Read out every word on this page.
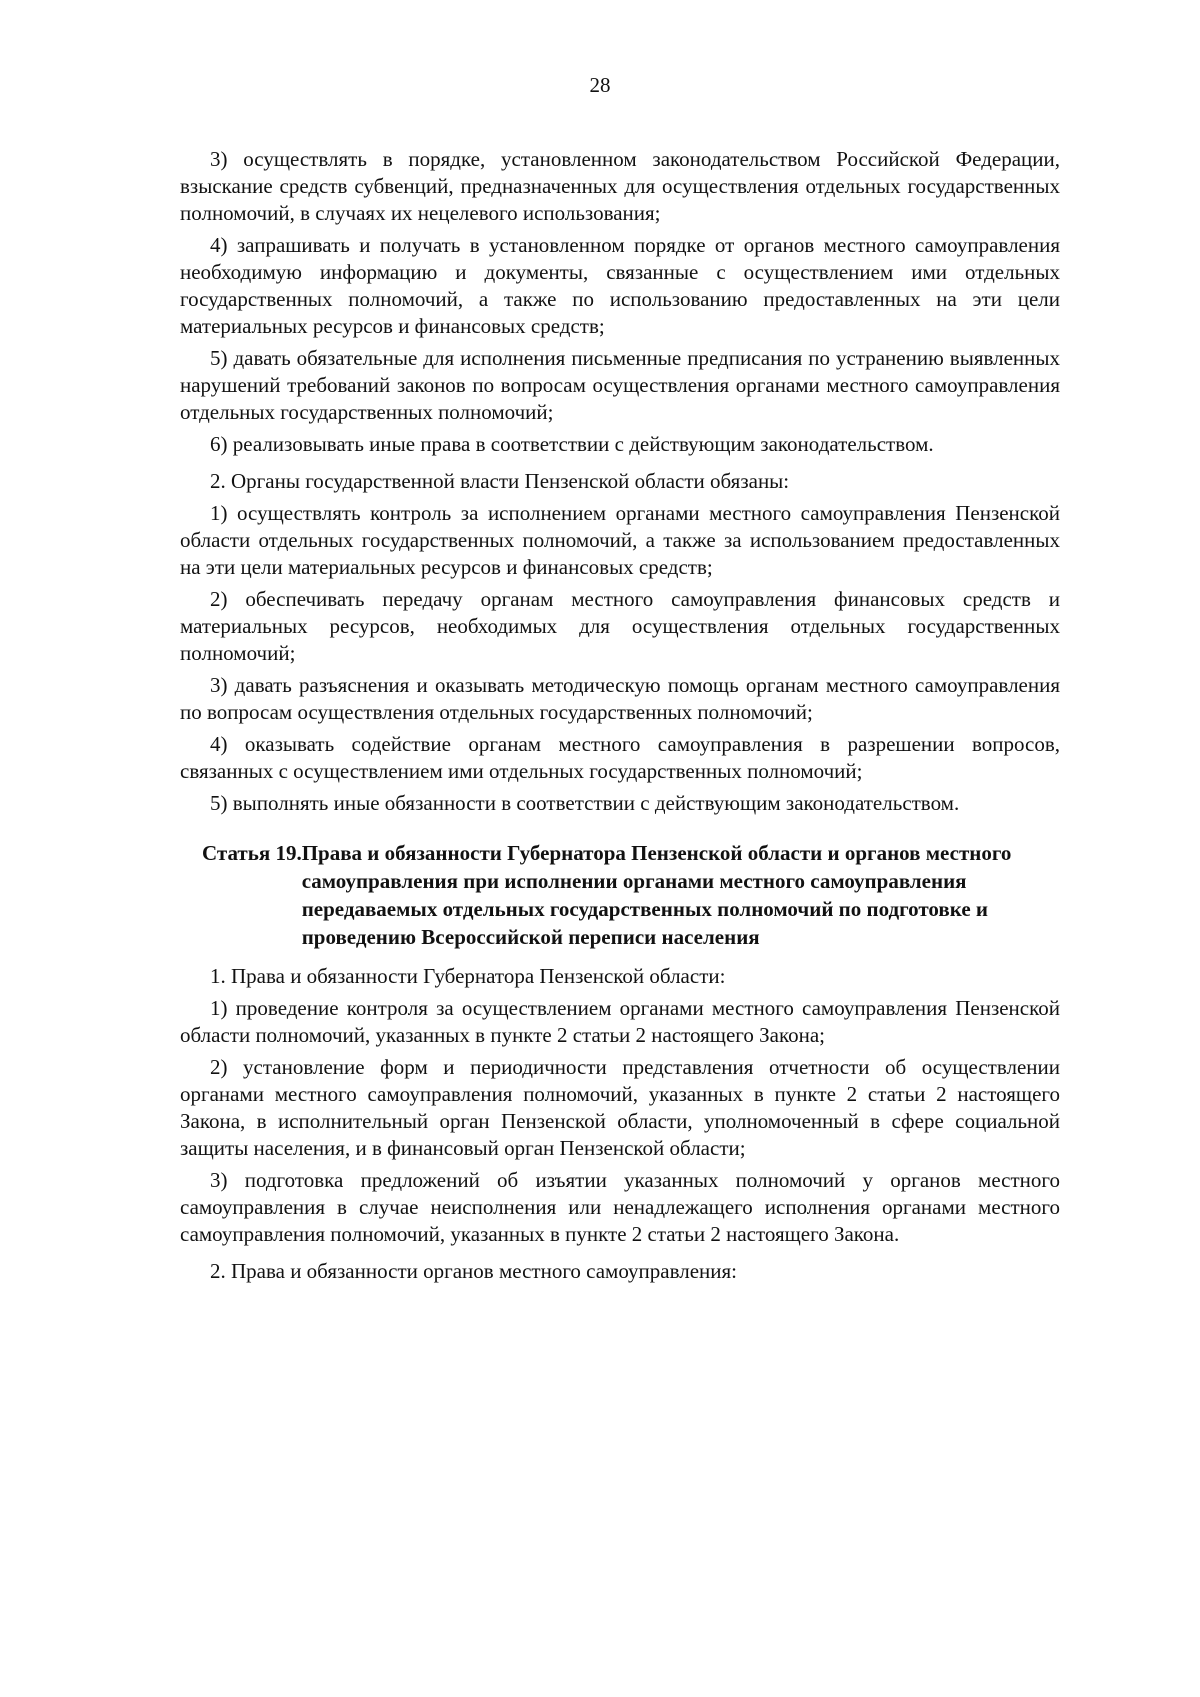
28

3) осуществлять в порядке, установленном законодательством Российской Федерации, взыскание средств субвенций, предназначенных для осуществления отдельных государственных полномочий, в случаях их нецелевого использования;

4) запрашивать и получать в установленном порядке от органов местного самоуправления необходимую информацию и документы, связанные с осуществлением ими отдельных государственных полномочий, а также по использованию предоставленных на эти цели материальных ресурсов и финансовых средств;

5) давать обязательные для исполнения письменные предписания по устранению выявленных нарушений требований законов по вопросам осуществления органами местного самоуправления отдельных государственных полномочий;

6) реализовывать иные права в соответствии с действующим законодательством.

2. Органы государственной власти Пензенской области обязаны:

1) осуществлять контроль за исполнением органами местного самоуправления Пензенской области отдельных государственных полномочий, а также за использованием предоставленных на эти цели материальных ресурсов и финансовых средств;

2) обеспечивать передачу органам местного самоуправления финансовых средств и материальных ресурсов, необходимых для осуществления отдельных государственных полномочий;

3) давать разъяснения и оказывать методическую помощь органам местного самоуправления по вопросам осуществления отдельных государственных полномочий;

4) оказывать содействие органам местного самоуправления в разрешении вопросов, связанных с осуществлением ими отдельных государственных полномочий;

5) выполнять иные обязанности в соответствии с действующим законодательством.

Статья 19. Права и обязанности Губернатора Пензенской области и органов местного самоуправления при исполнении органами местного самоуправления передаваемых отдельных государственных полномочий по подготовке и проведению Всероссийской переписи населения

1. Права и обязанности Губернатора Пензенской области:

1) проведение контроля за осуществлением органами местного самоуправления Пензенской области полномочий, указанных в пункте 2 статьи 2 настоящего Закона;

2) установление форм и периодичности представления отчетности об осуществлении органами местного самоуправления полномочий, указанных в пункте 2 статьи 2 настоящего Закона, в исполнительный орган Пензенской области, уполномоченный в сфере социальной защиты населения, и в финансовый орган Пензенской области;

3) подготовка предложений об изъятии указанных полномочий у органов местного самоуправления в случае неисполнения или ненадлежащего исполнения органами местного самоуправления полномочий, указанных в пункте 2 статьи 2 настоящего Закона.

2. Права и обязанности органов местного самоуправления:
